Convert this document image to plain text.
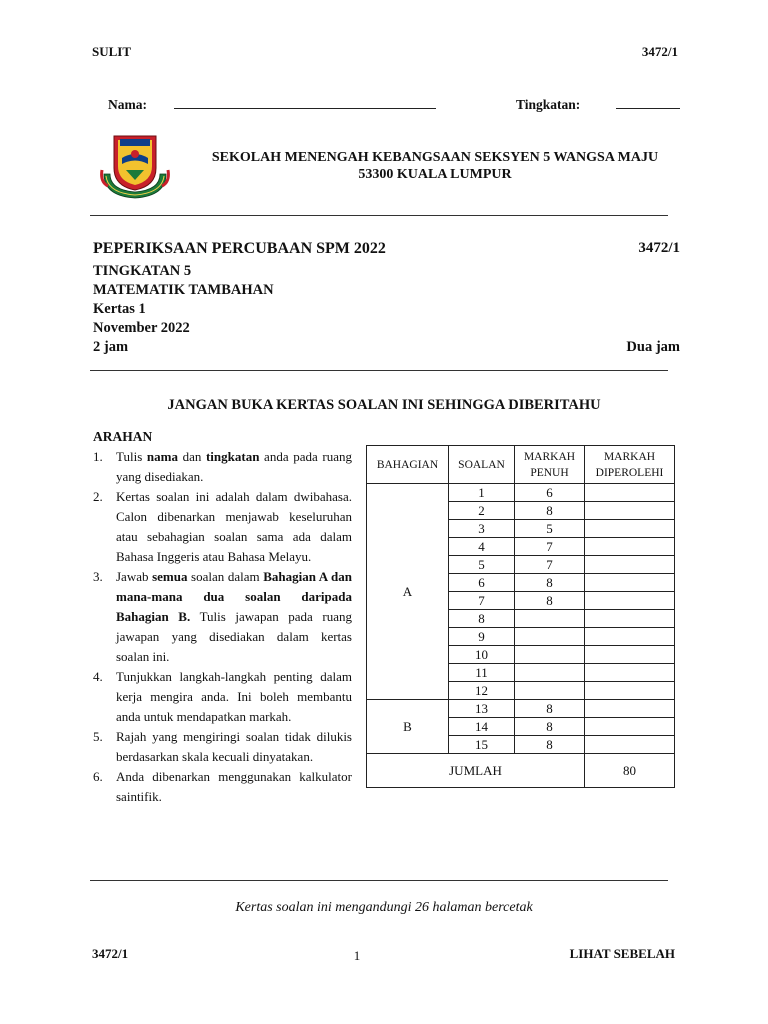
SULIT	3472/1
Nama:	Tingkatan:
SEKOLAH MENENGAH KEBANGSAAN SEKSYEN 5 WANGSA MAJU
53300 KUALA LUMPUR
PEPERIKSAAN PERCUBAAN SPM 2022	3472/1
TINGKATAN 5
MATEMATIK TAMBAHAN
Kertas 1
November 2022
2 jam	Dua jam
JANGAN BUKA KERTAS SOALAN INI SEHINGGA DIBERITAHU
ARAHAN
1. Tulis nama dan tingkatan anda pada ruang yang disediakan.
2. Kertas soalan ini adalah dalam dwibahasa. Calon dibenarkan menjawab keseluruhan atau sebahagian soalan sama ada dalam Bahasa Inggeris atau Bahasa Melayu.
3. Jawab semua soalan dalam Bahagian A dan mana-mana dua soalan daripada Bahagian B. Tulis jawapan pada ruang jawapan yang disediakan dalam kertas soalan ini.
4. Tunjukkan langkah-langkah penting dalam kerja mengira anda. Ini boleh membantu anda untuk mendapatkan markah.
5. Rajah yang mengiringi soalan tidak dilukis berdasarkan skala kecuali dinyatakan.
6. Anda dibenarkan menggunakan kalkulator saintifik.
BAHAGIAN	SOALAN	MARKAH PENUH	MARKAH DIPEROLEHI
A	1	6	
	2	8	
	3	5	
	4	7	
	5	7	
	6	8	
	7	8	
	8		
	9		
	10		
	11		
	12		
B	13	8	
	14	8	
	15	8	
JUMLAH			80
Kertas soalan ini mengandungi 26 halaman bercetak
3472/1	1	LIHAT SEBELAH
